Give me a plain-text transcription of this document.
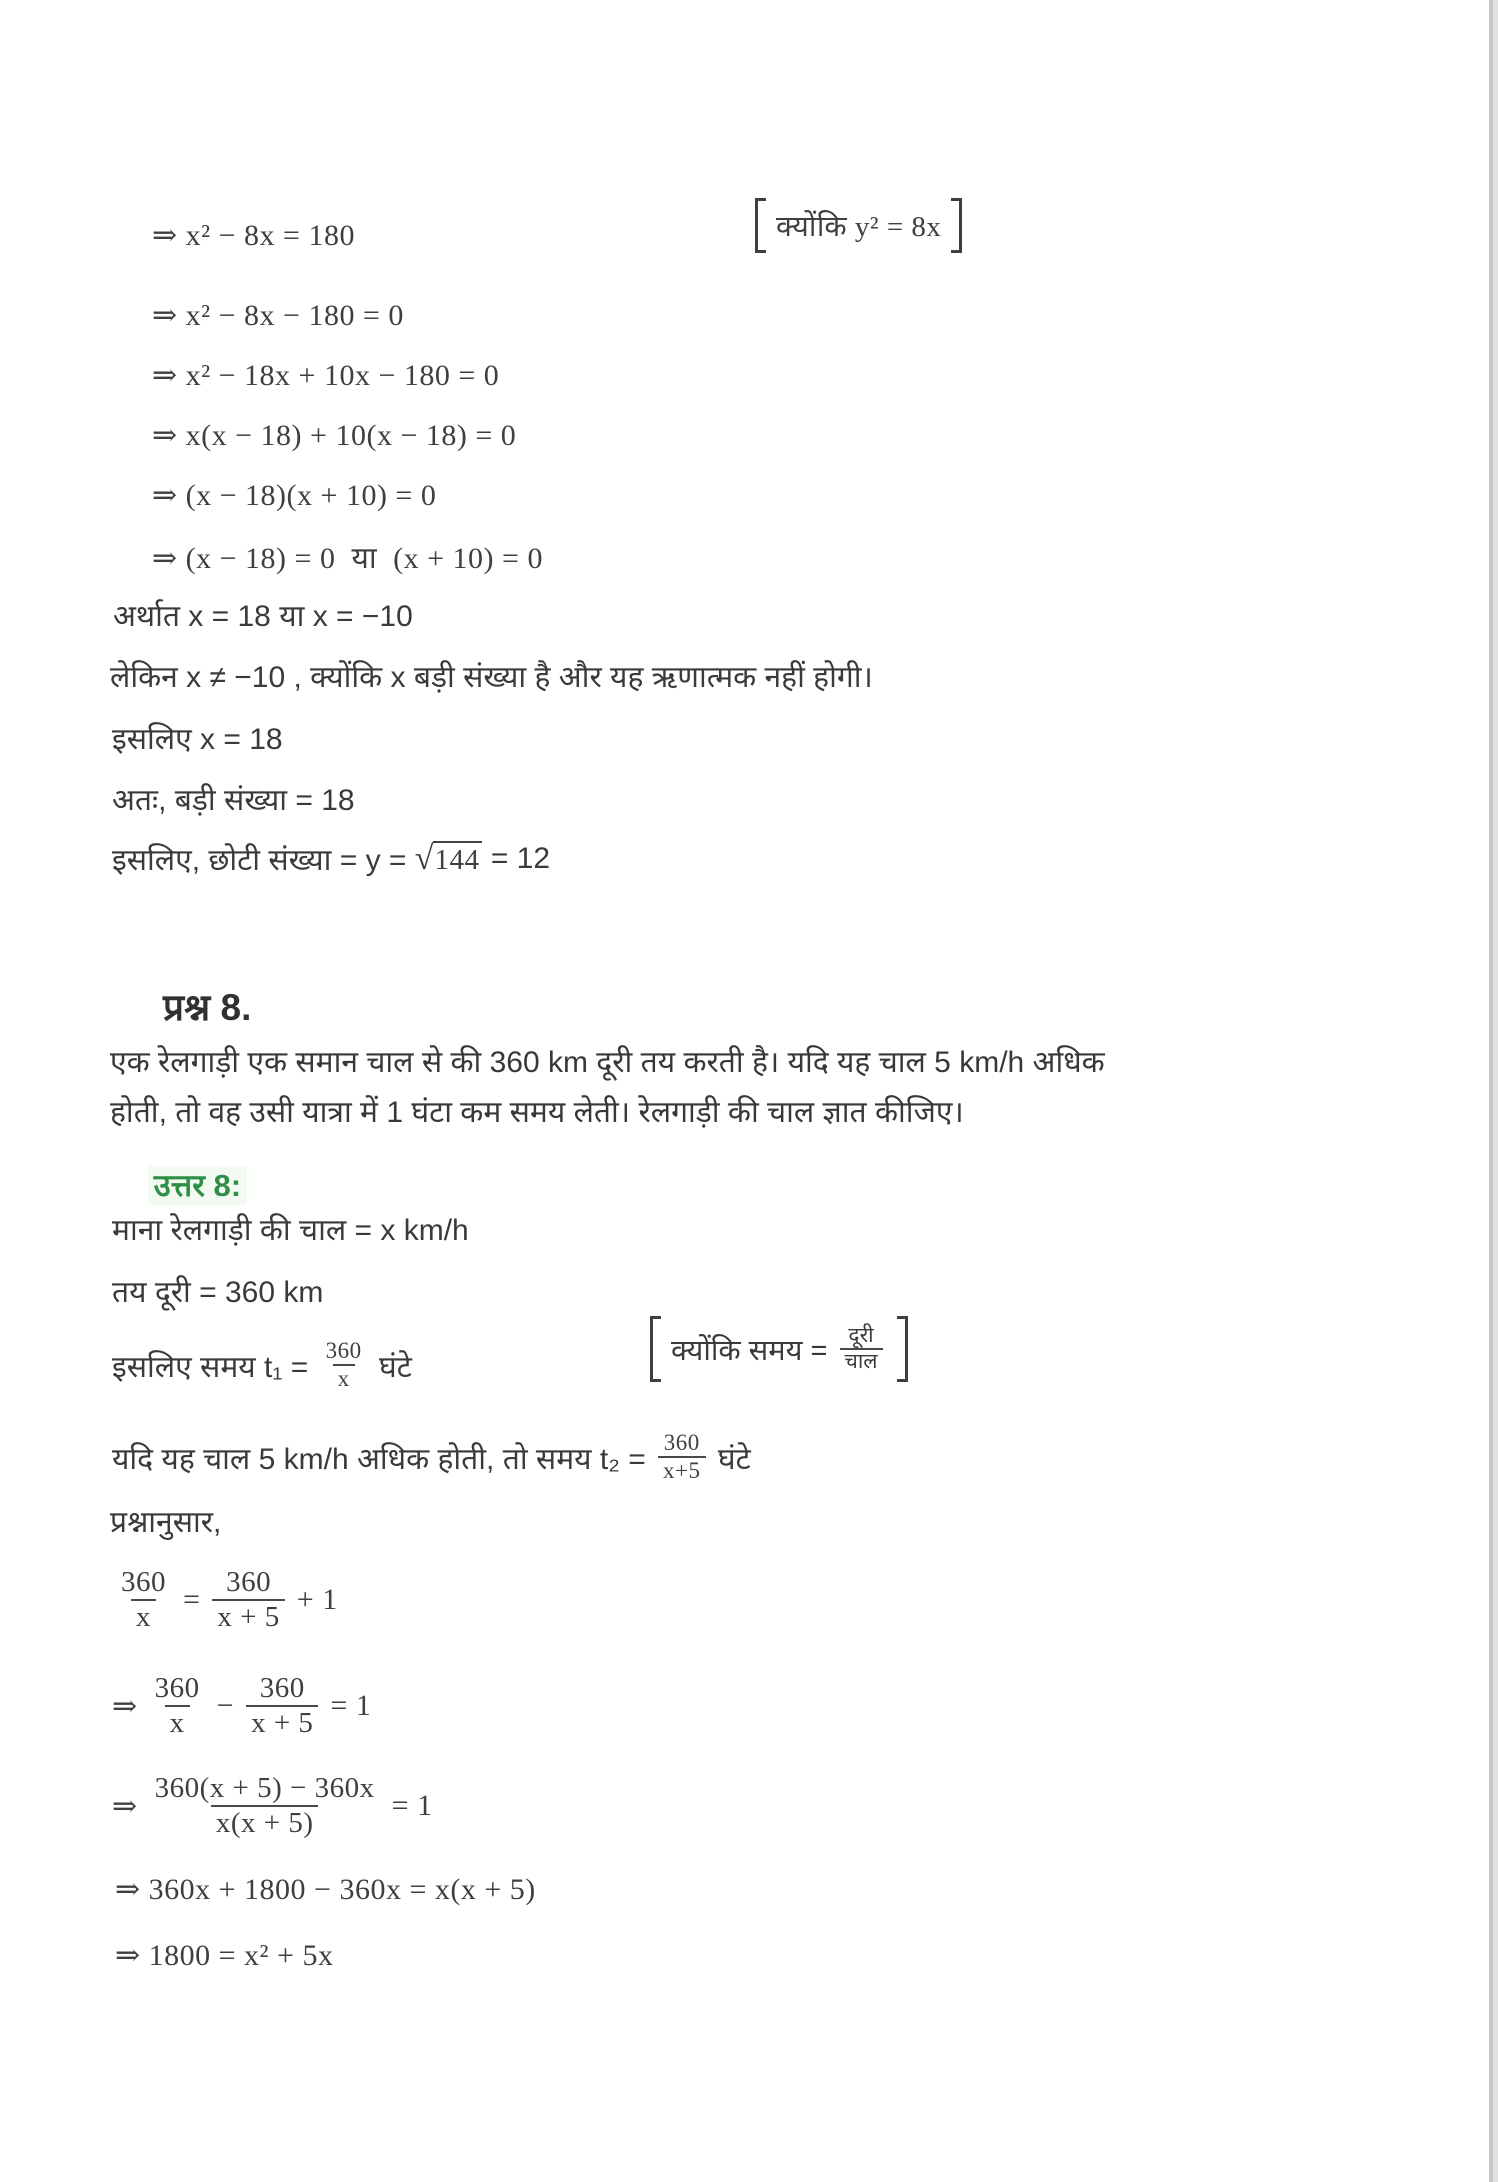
⇒ x² − 8x = 180	क्योंकि y² = 8x
⇒ x² − 8x − 180 = 0
⇒ x² − 18x + 10x − 180 = 0
⇒ x(x − 18) + 10(x − 18) = 0
⇒ (x − 18)(x + 10) = 0
⇒ (x − 18) = 0  या  (x + 10) = 0
अर्थात x = 18 या x = −10
लेकिन x ≠ −10 , क्योंकि x बड़ी संख्या है और यह ऋणात्मक नहीं होगी।
इसलिए x = 18
अतः, बड़ी संख्या = 18
इसलिए, छोटी संख्या = y = √ 144 = 12
प्रश्न 8.
एक रेलगाड़ी एक समान चाल से की 360 km दूरी तय करती है। यदि यह चाल 5 km/h अधिक
होती, तो वह उसी यात्रा में 1 घंटा कम समय लेती। रेलगाड़ी की चाल ज्ञात कीजिए।

उत्तर 8:

माना रेलगाड़ी की चाल = x km/h
तय दूरी = 360 km
इसलिए समय $t_1 = \frac{360}{x}$ घंटे	क्योंकि समय = $\frac{\text{दूरी}}{\text{चाल}}$
यदि यह चाल 5 km/h अधिक होती, तो समय $t_2 = \frac{360}{x+5}$ घंटे
प्रश्नानुसार,
$\frac{360}{x} = \frac{360}{x + 5} + 1$
⇒ $\frac{360}{x} - \frac{360}{x + 5} = 1$
⇒ $\frac{360(x + 5) - 360x}{x(x + 5)} = 1$
⇒ 360x + 1800 − 360x = x(x + 5)
⇒ 1800 = x² + 5x
